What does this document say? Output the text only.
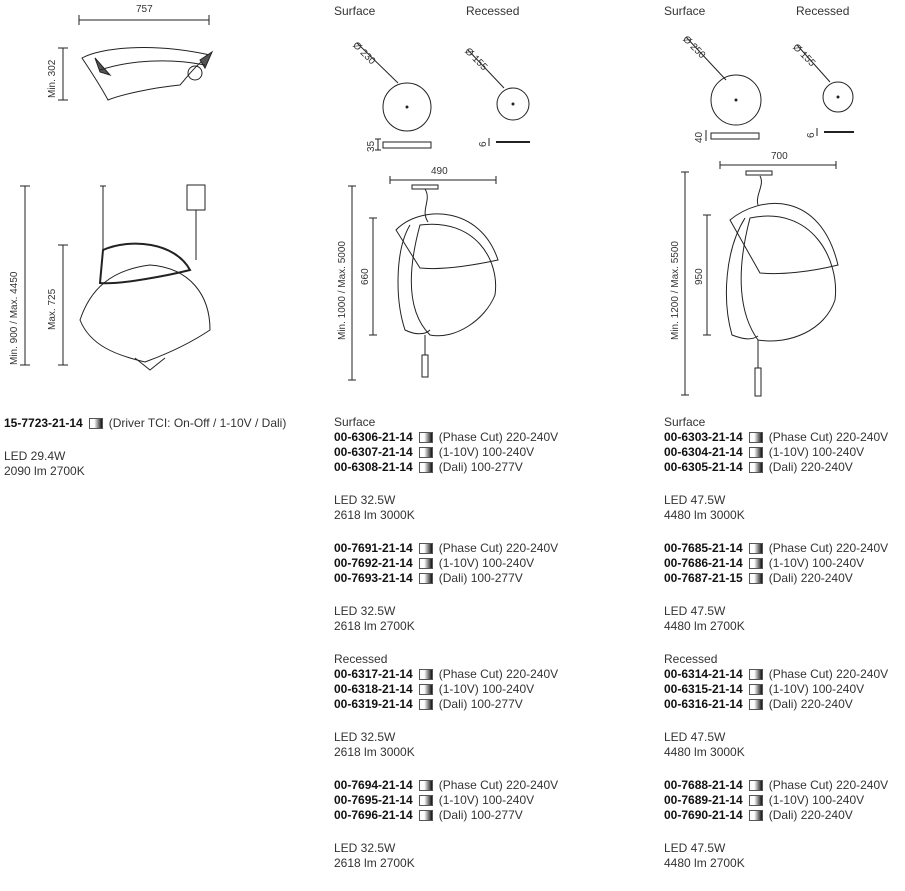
757
Min. 302
Min. 900 / Max. 4450	Max. 725
Surface	Recessed
Ø 230	Ø 155
35	6
490
Min. 1000 / Max. 5000 660
Surface	Recessed
Ø 250	Ø 155
40	6
700
Min. 1200 / Max. 5500 950
15-7723-21-14 (Driver TCI: On-Off / 1-10V / Dali)
LED 29.4W
2090 lm 2700K
Surface
00-6306-21-14 (Phase Cut) 220-240V
00-6307-21-14 (1-10V) 100-240V
00-6308-21-14 (Dali) 100-277V
LED 32.5W
2618 lm 3000K
00-7691-21-14 (Phase Cut) 220-240V
00-7692-21-14 (1-10V) 100-240V
00-7693-21-14 (Dali) 100-277V
LED 32.5W
2618 lm 2700K
Recessed
00-6317-21-14 (Phase Cut) 220-240V
00-6318-21-14 (1-10V) 100-240V
00-6319-21-14 (Dali) 100-277V
LED 32.5W
2618 lm 3000K
00-7694-21-14 (Phase Cut) 220-240V
00-7695-21-14 (1-10V) 100-240V
00-7696-21-14 (Dali) 100-277V
LED 32.5W
2618 lm 2700K
Surface
00-6303-21-14 (Phase Cut) 220-240V
00-6304-21-14 (1-10V) 100-240V
00-6305-21-14 (Dali) 220-240V
LED 47.5W
4480 lm 3000K
00-7685-21-14 (Phase Cut) 220-240V
00-7686-21-14 (1-10V) 100-240V
00-7687-21-15 (Dali) 220-240V
LED 47.5W
4480 lm 2700K
Recessed
00-6314-21-14 (Phase Cut) 220-240V
00-6315-21-14 (1-10V) 100-240V
00-6316-21-14 (Dali) 220-240V
LED 47.5W
4480 lm 3000K
00-7688-21-14 (Phase Cut) 220-240V
00-7689-21-14 (1-10V) 100-240V
00-7690-21-14 (Dali) 220-240V
LED 47.5W
4480 lm 2700K
